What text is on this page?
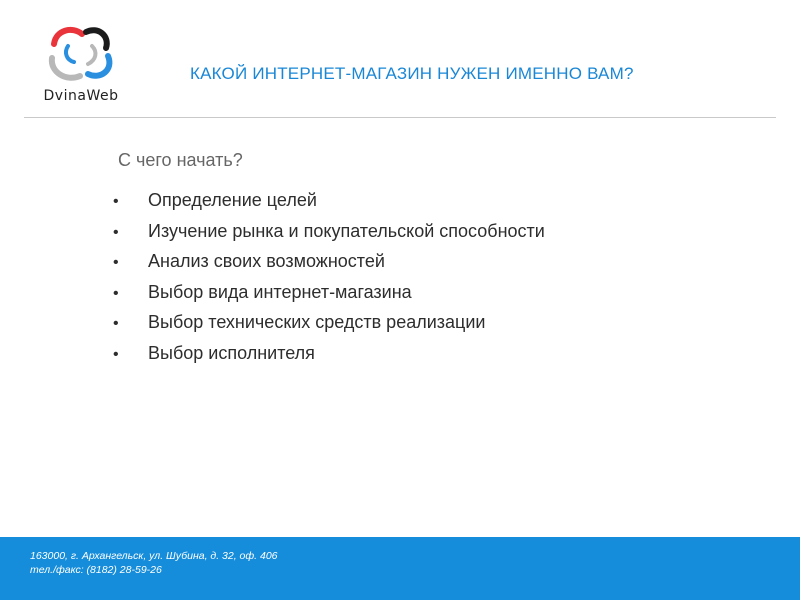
DvinaWeb
КАКОЙ ИНТЕРНЕТ-МАГАЗИН НУЖЕН ИМЕННО ВАМ?
С чего начать?
•	Определение целей
•	Изучение рынка и покупательской способности
•	Анализ своих возможностей
•	Выбор вида интернет-магазина
•	Выбор технических средств реализации
•	Выбор исполнителя
163000, г. Архангельск, ул. Шубина, д. 32, оф. 406
тел./факс: (8182) 28-59-26
